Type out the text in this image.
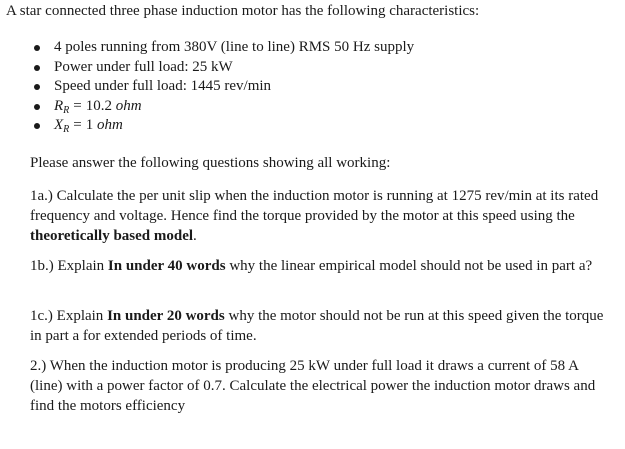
A star connected three phase induction motor has the following characteristics:

4 poles running from 380V (line to line) RMS 50 Hz supply
Power under full load: 25 kW
Speed under full load: 1445 rev/min
$R_R = 10.2$ ohm
$X_R = 1$ ohm

Please answer the following questions showing all working:

1a.) Calculate the per unit slip when the induction motor is running at 1275 rev/min at its rated frequency and voltage. Hence find the torque provided by the motor at this speed using the theoretically based model.

1b.) Explain In under 40 words why the linear empirical model should not be used in part a?

1c.) Explain In under 20 words why the motor should not be run at this speed given the torque in part a for extended periods of time.

2.) When the induction motor is producing 25 kW under full load it draws a current of 58 A (line) with a power factor of 0.7. Calculate the electrical power the induction motor draws and find the motors efficiency
